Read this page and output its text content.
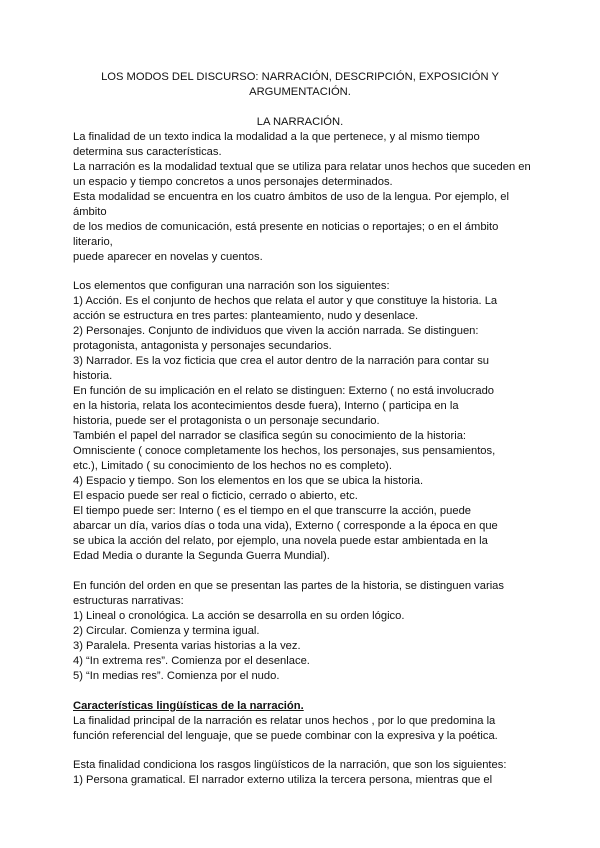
LOS MODOS DEL DISCURSO: NARRACIÓN, DESCRIPCIÓN, EXPOSICIÓN Y
ARGUMENTACIÓN.
LA NARRACIÓN.
La finalidad de un texto indica la modalidad a la que pertenece, y al mismo tiempo
determina sus características.
La narración es la modalidad textual que se utiliza para relatar unos hechos que suceden en
un espacio y tiempo concretos a unos personajes determinados.
Esta modalidad se encuentra en los cuatro ámbitos de uso de la lengua. Por ejemplo, el
ámbito
de los medios de comunicación, está presente en noticias o reportajes; o en el ámbito
literario,
puede aparecer en novelas y cuentos.
Los elementos que configuran una narración son los siguientes:
1) Acción. Es el conjunto de hechos que relata el autor y que constituye la historia. La
acción se estructura en tres partes: planteamiento, nudo y desenlace.
2) Personajes. Conjunto de individuos que viven la acción narrada. Se distinguen:
protagonista, antagonista y personajes secundarios.
3) Narrador. Es la voz ficticia que crea el autor dentro de la narración para contar su
historia.
En función de su implicación en el relato se distinguen: Externo ( no está involucrado
en la historia, relata los acontecimientos desde fuera), Interno ( participa en la
historia, puede ser el protagonista o un personaje secundario.
También el papel del narrador se clasifica según su conocimiento de la historia:
Omnisciente ( conoce completamente los hechos, los personajes, sus pensamientos,
etc.), Limitado ( su conocimiento de los hechos no es completo).
4) Espacio y tiempo. Son los elementos en los que se ubica la historia.
El espacio puede ser real o ficticio, cerrado o abierto, etc.
El tiempo puede ser: Interno ( es el tiempo en el que transcurre la acción, puede
abarcar un día, varios días o toda una vida), Externo ( corresponde a la época en que
se ubica la acción del relato, por ejemplo, una novela puede estar ambientada en la
Edad Media o durante la Segunda Guerra Mundial).
En función del orden en que se presentan las partes de la historia, se distinguen varias
estructuras narrativas:
1) Lineal o cronológica. La acción se desarrolla en su orden lógico.
2) Circular. Comienza y termina igual.
3) Paralela. Presenta varias historias a la vez.
4) “In extrema res”. Comienza por el desenlace.
5) “In medias res”. Comienza por el nudo.
Características lingüísticas de la narración.
La finalidad principal de la narración es relatar unos hechos , por lo que predomina la
función referencial del lenguaje, que se puede combinar con la expresiva y la poética.
Esta finalidad condiciona los rasgos lingüísticos de la narración, que son los siguientes:
1) Persona gramatical. El narrador externo utiliza la tercera persona, mientras que el
